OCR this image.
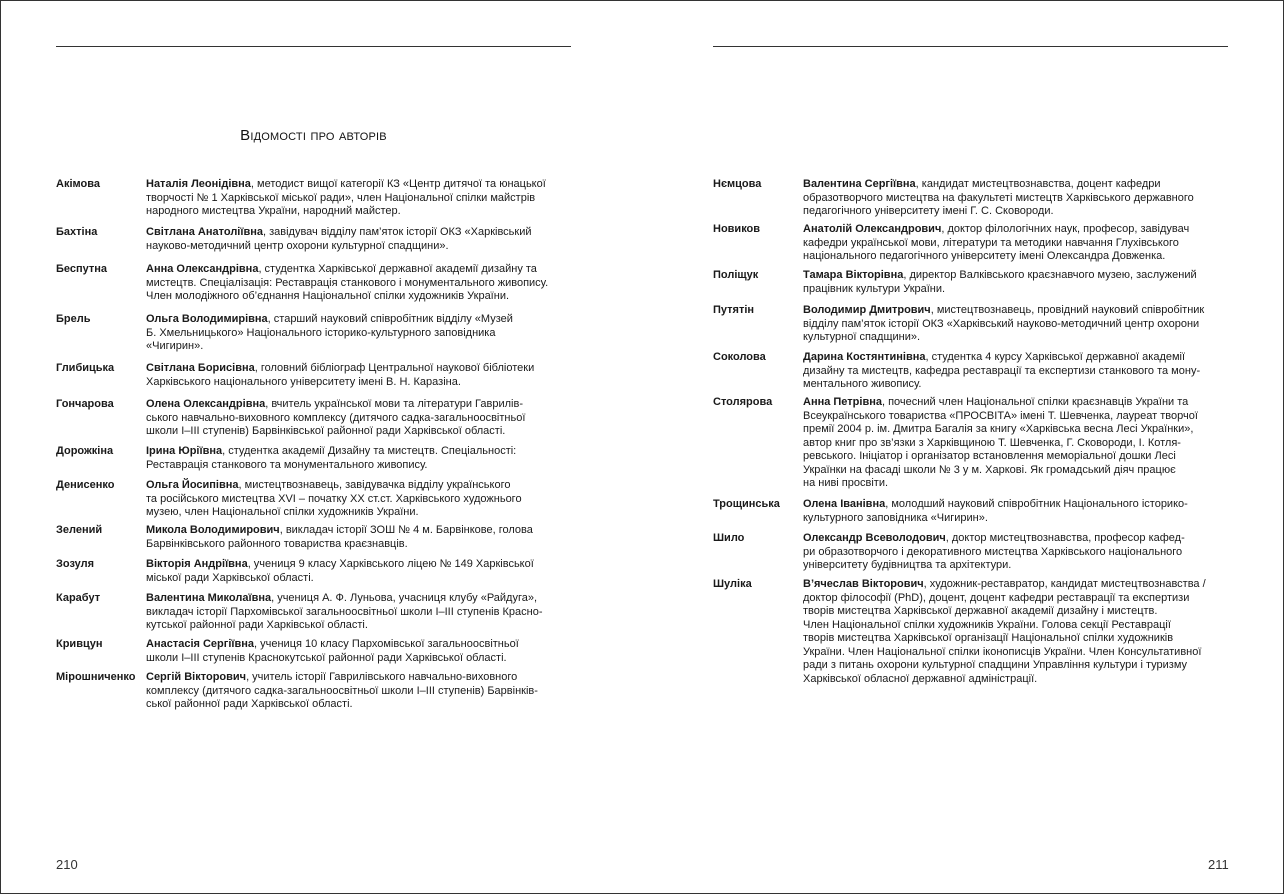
Відомості про авторів
Акімова	Наталія Леонідівна, методист вищої категорії КЗ «Центр дитячої та юнацької
творчості № 1 Харківської міської ради», член Національної спілки майстрів
народного мистецтва України, народний майстер.
Бахтіна	Світлана Анатоліївна, завідувач відділу пам’яток історії ОКЗ «Харківський
науково-методичний центр охорони культурної спадщини».
Беспутна	Анна Олександрівна, студентка Харківської державної академії дизайну та
мистецтв. Спеціалізація: Реставрація станкового і монументального живопису.
Член молодіжного об’єднання Національної спілки художників України.
Брель	Ольга Володимирівна, старший науковий співробітник відділу «Музей
Б. Хмельницького» Національного історико-культурного заповідника
«Чигирин».
Глибицька	Світлана Борисівна, головний бібліограф Центральної наукової бібліотеки
Харківського національного університету імені В. Н. Каразіна.
Гончарова	Олена Олександрівна, вчитель української мови та літератури Гаврилів-
ського навчально-виховного комплексу (дитячого садка-загальноосвітньої
школи І–ІІІ ступенів) Барвінківської районної ради Харківської області.
Дорожкіна	Ірина Юріївна, студентка академії Дизайну та мистецтв. Спеціальності:
Реставрація станкового та монументального живопису.
Денисенко	Ольга Йосипівна, мистецтвознавець, завідувачка відділу українського
та російського мистецтва XVI – початку XX ст.ст. Харківського художнього
музею, член Національної спілки художників України.
Зелений	Микола Володимирович, викладач історії ЗОШ № 4 м. Барвінкове, голова
Барвінківського районного товариства краєзнавців.
Зозуля	Вікторія Андріївна, учениця 9 класу Харківського ліцею № 149 Харківської
міської ради Харківської області.
Карабут	Валентина Миколаївна, учениця А. Ф. Луньова, учасниця клубу «Райдуга»,
викладач історії Пархомівської загальноосвітньої школи І–ІІІ ступенів Красно-
кутської районної ради Харківської області.
Кривцун	Анастасія Сергіївна, учениця 10 класу Пархомівської загальноосвітньої
школи І–ІІІ ступенів Краснокутської районної ради Харківської області.
Мірошниченко Сергій Вікторович, учитель історії Гаврилівського навчально-виховного
комплексу (дитячого садка-загальноосвітньої школи І–ІІІ ступенів) Барвінків-
ської районної ради Харківської області.
Нємцова	Валентина Сергіївна, кандидат мистецтвознавства, доцент кафедри
образотворчого мистецтва на факультеті мистецтв Харківського державного
педагогічного університету імені Г. С. Сковороди.
Новиков	Анатолій Олександрович, доктор філологічних наук, професор, завідувач
кафедри української мови, літератури та методики навчання Глухівського
національного педагогічного університету імені Олександра Довженка.
Поліщук	Тамара Вікторівна, директор Валківського краєзнавчого музею, заслужений
працівник культури України.
Путятін	Володимир Дмитрович, мистецтвознавець, провідний науковий співробітник
відділу пам’яток історії ОКЗ «Харківський науково-методичний центр охорони
культурної спадщини».
Соколова	Дарина Костянтинівна, студентка 4 курсу Харківської державної академії
дизайну та мистецтв, кафедра реставрації та експертизи станкового та мону-
ментального живопису.
Столярова	Анна Петрівна, почесний член Національної спілки краєзнавців України та
Всеукраїнського товариства «ПРОСВІТА» імені Т. Шевченка, лауреат творчої
премії 2004 р. ім. Дмитра Багалія за книгу «Харківська весна Лесі Українки»,
автор книг про зв’язки з Харківщиною Т. Шевченка, Г. Сковороди, І. Котля-
ревського. Ініціатор і організатор встановлення меморіальної дошки Лесі
Українки на фасаді школи № 3 у м. Харкові. Як громадський діяч працює
на ниві просвіти.
Трощинська Олена Іванівна, молодший науковий співробітник Національного історико-
культурного заповідника «Чигирин».
Шило	Олександр Всеволодович, доктор мистецтвознавства, професор кафед-
ри образотворчого і декоративного мистецтва Харківського національного
університету будівництва та архітектури.
Шуліка	В’ячеслав Вікторович, художник-реставратор, кандидат мистецтвознавства /
доктор філософії (PhD), доцент, доцент кафедри реставрації та експертизи
творів мистецтва Харківської державної академії дизайну і мистецтв.
Член Національної спілки художників України. Голова секції Реставрації
творів мистецтва Харківської організації Національної спілки художників
України. Член Національної спілки іконописців України. Член Консультативної
ради з питань охорони культурної спадщини Управління культури і туризму
Харківської обласної державної адміністрації.
210	211
